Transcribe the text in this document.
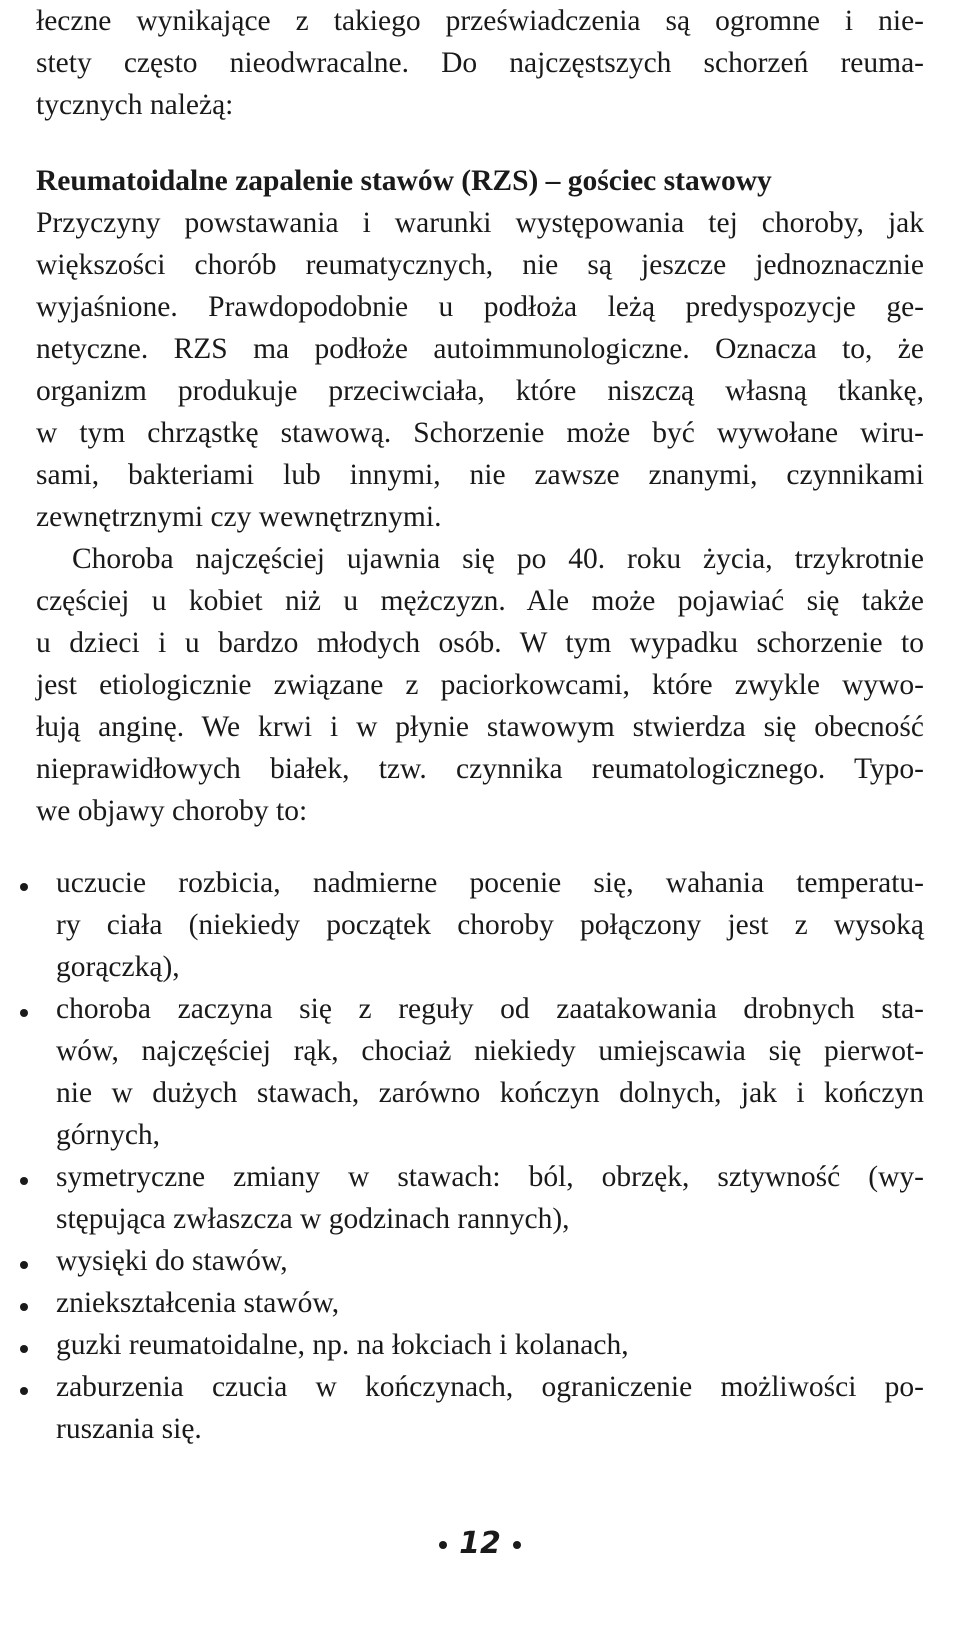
łeczne wynikające z takiego przeświadczenia są ogromne i nie-
stety często nieodwracalne. Do najczęstszych schorzeń reuma-
tycznych należą:
Reumatoidalne zapalenie stawów (RZS) – gościec stawowy
Przyczyny powstawania i warunki występowania tej choroby, jak
większości chorób reumatycznych, nie są jeszcze jednoznacznie
wyjaśnione. Prawdopodobnie u podłoża leżą predyspozycje ge-
netyczne. RZS ma podłoże autoimmunologiczne. Oznacza to, że
organizm produkuje przeciwciała, które niszczą własną tkankę,
w tym chrząstkę stawową. Schorzenie może być wywołane wiru-
sami, bakteriami lub innymi, nie zawsze znanymi, czynnikami
zewnętrznymi czy wewnętrznymi.
Choroba najczęściej ujawnia się po 40. roku życia, trzykrotnie
częściej u kobiet niż u mężczyzn. Ale może pojawiać się także
u dzieci i u bardzo młodych osób. W tym wypadku schorzenie to
jest etiologicznie związane z paciorkowcami, które zwykle wywo-
łują anginę. We krwi i w płynie stawowym stwierdza się obecność
nieprawidłowych białek, tzw. czynnika reumatologicznego. Typo-
we objawy choroby to:
uczucie rozbicia, nadmierne pocenie się, wahania temperatu-
ry ciała (niekiedy początek choroby połączony jest z wysoką
gorączką),
choroba zaczyna się z reguły od zaatakowania drobnych sta-
wów, najczęściej rąk, chociaż niekiedy umiejscawia się pierwot-
nie w dużych stawach, zarówno kończyn dolnych, jak i kończyn
górnych,
symetryczne zmiany w stawach: ból, obrzęk, sztywność (wy-
stępująca zwłaszcza w godzinach rannych),
wysięki do stawów,
zniekształcenia stawów,
guzki reumatoidalne, np. na łokciach i kolanach,
zaburzenia czucia w kończynach, ograniczenie możliwości po-
ruszania się.
12
